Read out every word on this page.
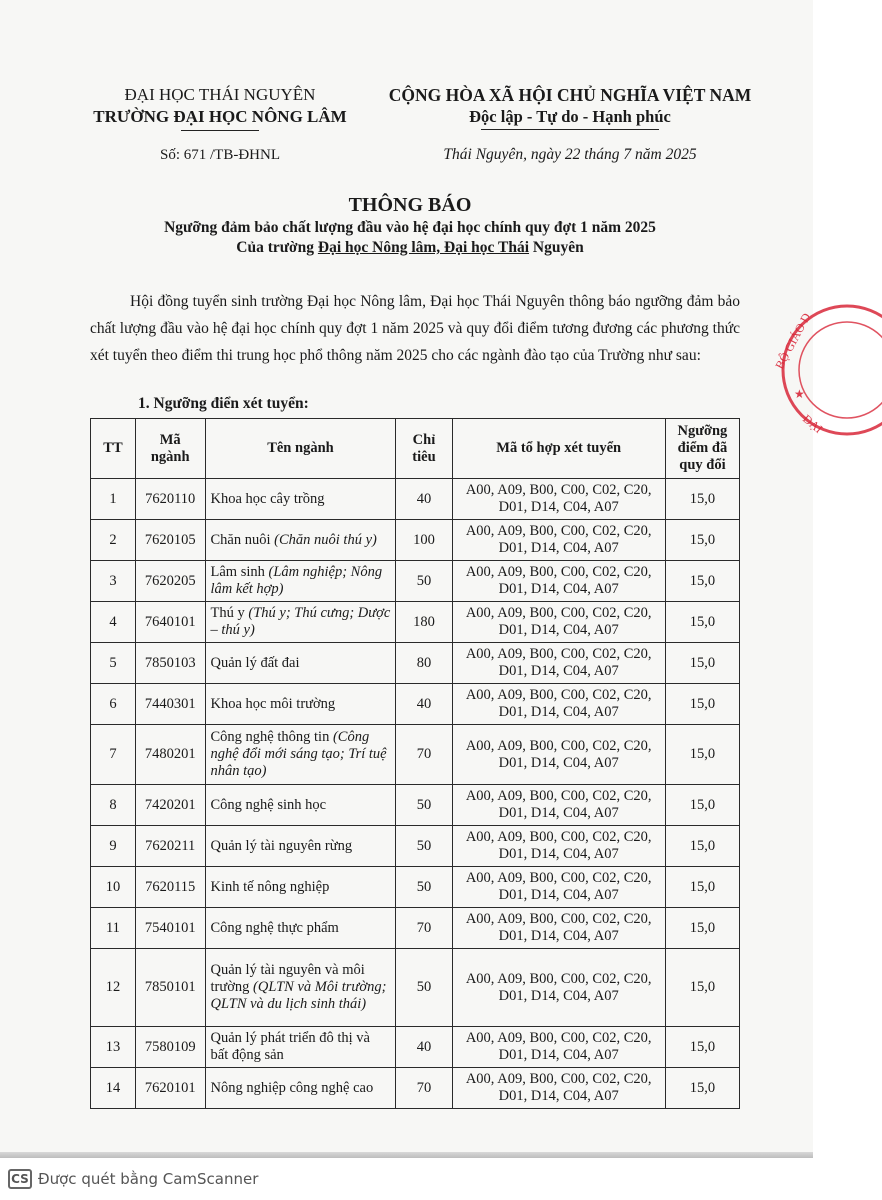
ĐẠI HỌC THÁI NGUYÊN
TRƯỜNG ĐẠI HỌC NÔNG LÂM
Số: 671 /TB-ĐHNL
CỘNG HÒA XÃ HỘI CHỦ NGHĨA VIỆT NAM
Độc lập - Tự do - Hạnh phúc
Thái Nguyên, ngày 22 tháng 7 năm 2025
THÔNG BÁO
Ngưỡng đảm bảo chất lượng đầu vào hệ đại học chính quy đợt 1 năm 2025
Của trường Đại học Nông lâm, Đại học Thái Nguyên

Hội đồng tuyển sinh trường Đại học Nông lâm, Đại học Thái Nguyên thông báo ngưỡng đảm bảo chất lượng đầu vào hệ đại học chính quy đợt 1 năm 2025 và quy đổi điểm tương đương các phương thức xét tuyển theo điểm thi trung học phổ thông năm 2025 cho các ngành đào tạo của Trường như sau:

1. Ngưỡng điển xét tuyển:
TT	Mã ngành	Tên ngành	Chỉ tiêu	Mã tổ hợp xét tuyển	Ngưỡng điểm đã quy đổi
1	7620110	Khoa học cây trồng	40	A00, A09, B00, C00, C02, C20, D01, D14, C04, A07	15,0
2	7620105	Chăn nuôi (Chăn nuôi thú y)	100	A00, A09, B00, C00, C02, C20, D01, D14, C04, A07	15,0
3	7620205	Lâm sinh (Lâm nghiệp; Nông lâm kết hợp)	50	A00, A09, B00, C00, C02, C20, D01, D14, C04, A07	15,0
4	7640101	Thú y (Thú y; Thú cưng; Dược – thú y)	180	A00, A09, B00, C00, C02, C20, D01, D14, C04, A07	15,0
5	7850103	Quản lý đất đai	80	A00, A09, B00, C00, C02, C20, D01, D14, C04, A07	15,0
6	7440301	Khoa học môi trường	40	A00, A09, B00, C00, C02, C20, D01, D14, C04, A07	15,0
7	7480201	Công nghệ thông tin (Công nghệ đổi mới sáng tạo; Trí tuệ nhân tạo)	70	A00, A09, B00, C00, C02, C20, D01, D14, C04, A07	15,0
8	7420201	Công nghệ sinh học	50	A00, A09, B00, C00, C02, C20, D01, D14, C04, A07	15,0
9	7620211	Quản lý tài nguyên rừng	50	A00, A09, B00, C00, C02, C20, D01, D14, C04, A07	15,0
10	7620115	Kinh tế nông nghiệp	50	A00, A09, B00, C00, C02, C20, D01, D14, C04, A07	15,0
11	7540101	Công nghệ thực phẩm	70	A00, A09, B00, C00, C02, C20, D01, D14, C04, A07	15,0
12	7850101	Quản lý tài nguyên và môi trường (QLTN và Môi trường; QLTN và du lịch sinh thái)	50	A00, A09, B00, C00, C02, C20, D01, D14, C04, A07	15,0
13	7580109	Quản lý phát triển đô thị và bất động sản	40	A00, A09, B00, C00, C02, C20, D01, D14, C04, A07	15,0
14	7620101	Nông nghiệp công nghệ cao	70	A00, A09, B00, C00, C02, C20, D01, D14, C04, A07	15,0
BỘ GIÁO D
ĐẠI
★
CS Được quét bằng CamScanner
